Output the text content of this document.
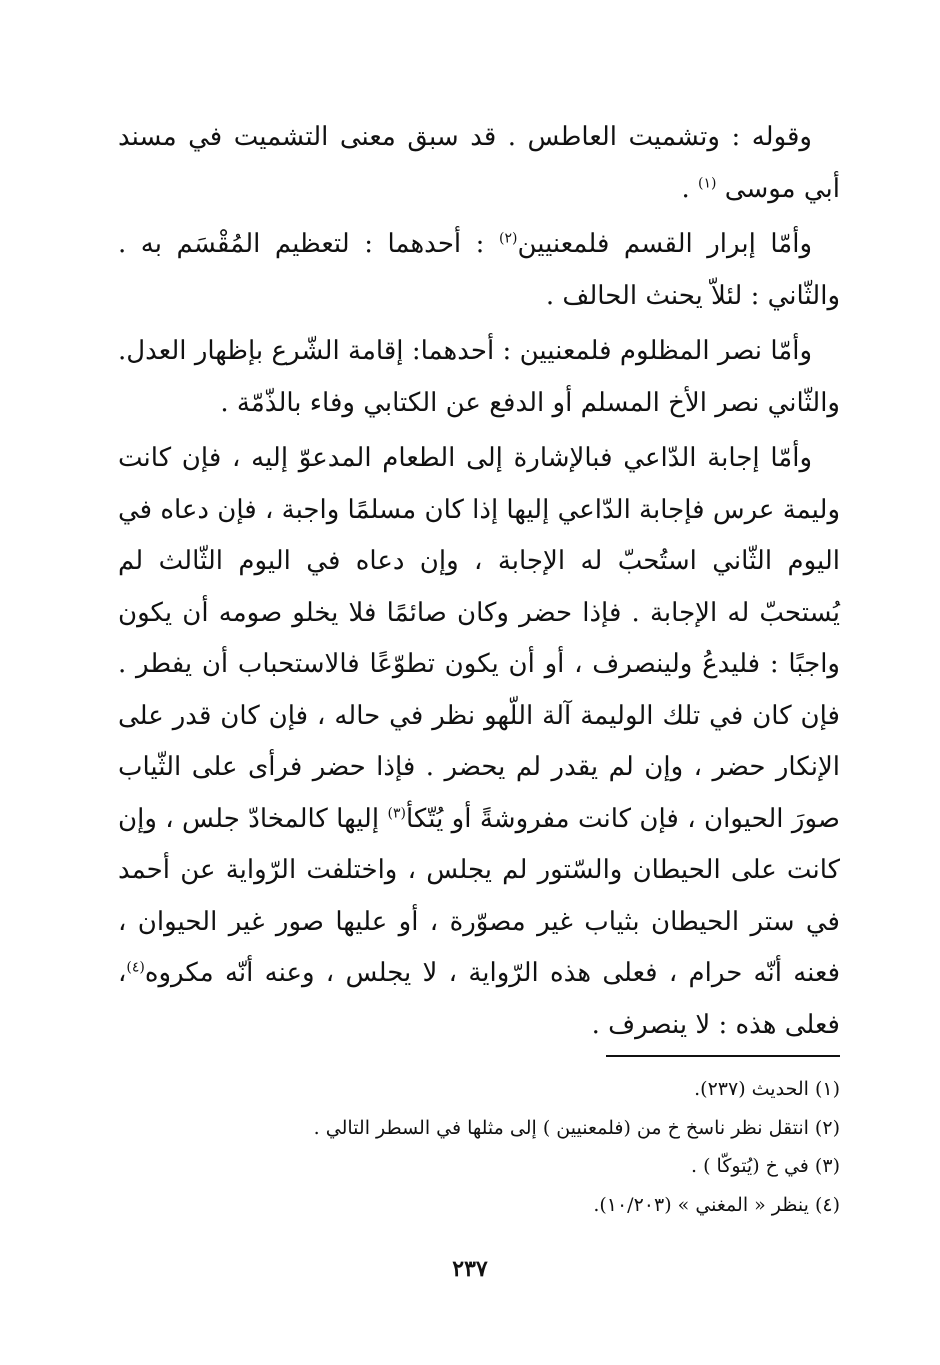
وقوله : وتشميت العاطس . قد سبق معنى التشميت في مسند أبي موسى $^{(١)}$ .

وأمّا إبرار القسم فلمعنيين$^{(٢)}$ : أحدهما : لتعظيم المُقْسَم به . والثّاني : لئلاّ يحنث الحالف .

وأمّا نصر المظلوم فلمعنيين : أحدهما: إقامة الشّرع بإظهار العدل. والثّاني نصر الأخ المسلم أو الدفع عن الكتابي وفاء بالذّمّة .

وأمّا إجابة الدّاعي فبالإشارة إلى الطعام المدعوّ إليه ، فإن كانت وليمة عرس فإجابة الدّاعي إليها إذا كان مسلمًا واجبة ، فإن دعاه في اليوم الثّاني استُحبّ له الإجابة ، وإن دعاه في اليوم الثّالث لم يُستحبّ له الإجابة . فإذا حضر وكان صائمًا فلا يخلو صومه أن يكون واجبًا : فليدعُ ولينصرف ، أو أن يكون تطوّعًا فالاستحباب أن يفطر . فإن كان في تلك الوليمة آلة اللّهو نظر في حاله ، فإن كان قدر على الإنكار حضر ، وإن لم يقدر لم يحضر . فإذا حضر فرأى على الثّياب صورَ الحيوان ، فإن كانت مفروشةً أو يُتّكأ$^{(٣)}$ إليها كالمخادّ جلس ، وإن كانت على الحيطان والسّتور لم يجلس ، واختلفت الرّواية عن أحمد في ستر الحيطان بثياب غير مصوّرة ، أو عليها صور غير الحيوان ، فعنه أنّه حرام ، فعلى هذه الرّواية ، لا يجلس ، وعنه أنّه مكروه$^{(٤)}$، فعلى هذه : لا ينصرف .

(١) الحديث (٢٣٧).
(٢) انتقل نظر ناسخ خ من (فلمعنيين ) إلى مثلها في السطر التالي .
(٣) في خ (يُتوكّا ) .
(٤) ينظر « المغني » (١٠/٢٠٣).
٢٣٧
